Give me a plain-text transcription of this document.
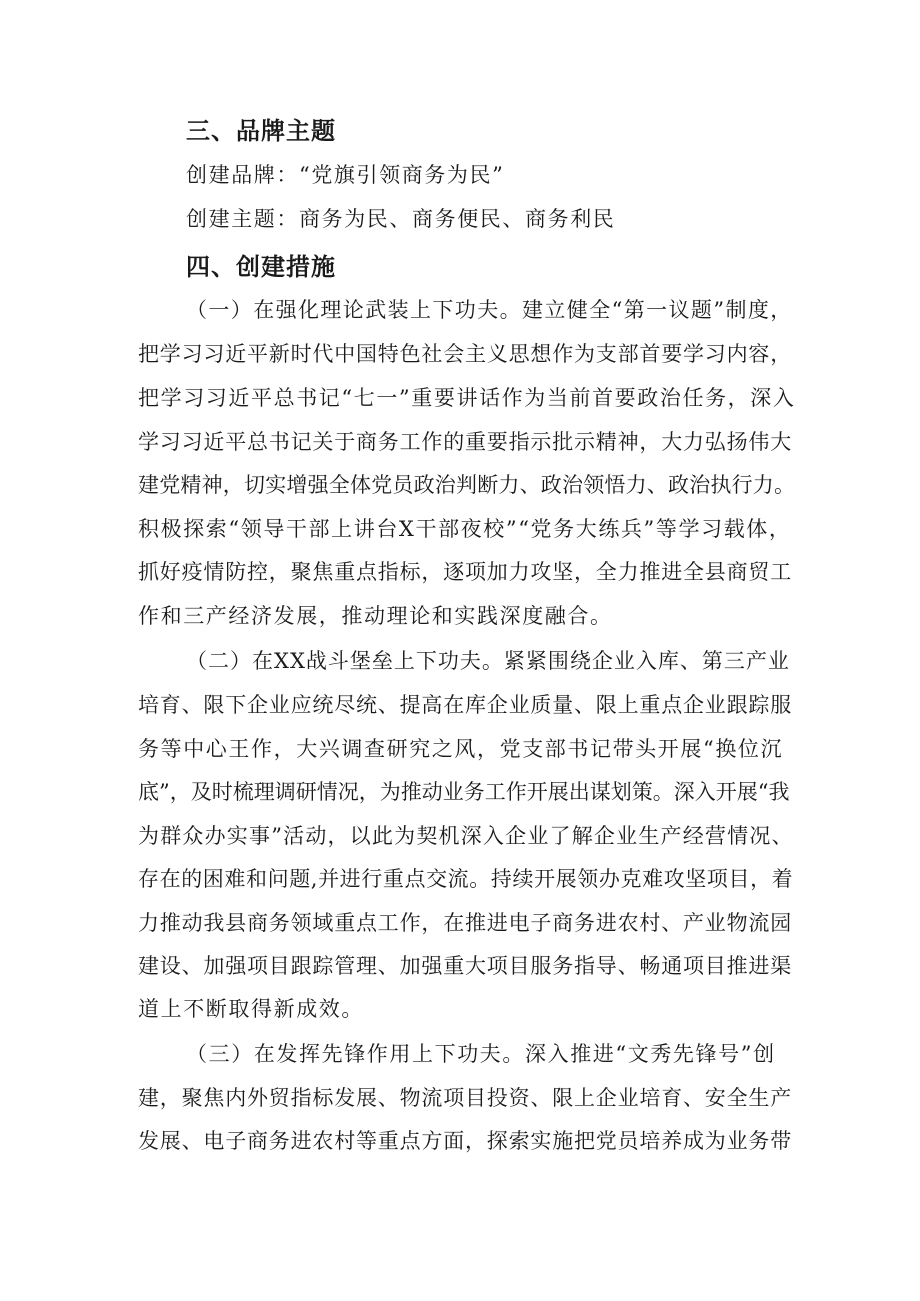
三、品牌主题
创建品牌：“党旗引领商务为民”
创建主题：商务为民、商务便民、商务利民
四、创建措施
（一）在强化理论武装上下功夫。建立健全“第一议题”制度，
把学习习近平新时代中国特色社会主义思想作为支部首要学习内容，
把学习习近平总书记“七一”重要讲话作为当前首要政治任务，深入
学习习近平总书记关于商务工作的重要指示批示精神，大力弘扬伟大
建党精神，切实增强全体党员政治判断力、政治领悟力、政治执行力。
积极探索“领导干部上讲台X干部夜校”“党务大练兵”等学习载体，
抓好疫情防控，聚焦重点指标，逐项加力攻坚，全力推进全县商贸工
作和三产经济发展，推动理论和实践深度融合。
（二）在XX战斗堡垒上下功夫。紧紧围绕企业入库、第三产业
培育、限下企业应统尽统、提高在库企业质量、限上重点企业跟踪服
务等中心王作，大兴调查研究之风，党支部书记带头开展“换位沉
底”，及时梳理调研情况，为推动业务工作开展出谋划策。深入开展“我
为群众办实事”活动，以此为契机深入企业了解企业生产经营情况、
存在的困难和问题,并进行重点交流。持续开展领办克难攻坚项目，着
力推动我县商务领域重点工作，在推进电子商务进农村、产业物流园
建设、加强项目跟踪管理、加强重大项目服务指导、畅通项目推进渠
道上不断取得新成效。
（三）在发挥先锋作用上下功夫。深入推进“文秀先锋号”创
建，聚焦内外贸指标发展、物流项目投资、限上企业培育、安全生产
发展、电子商务进农村等重点方面，探索实施把党员培养成为业务带
